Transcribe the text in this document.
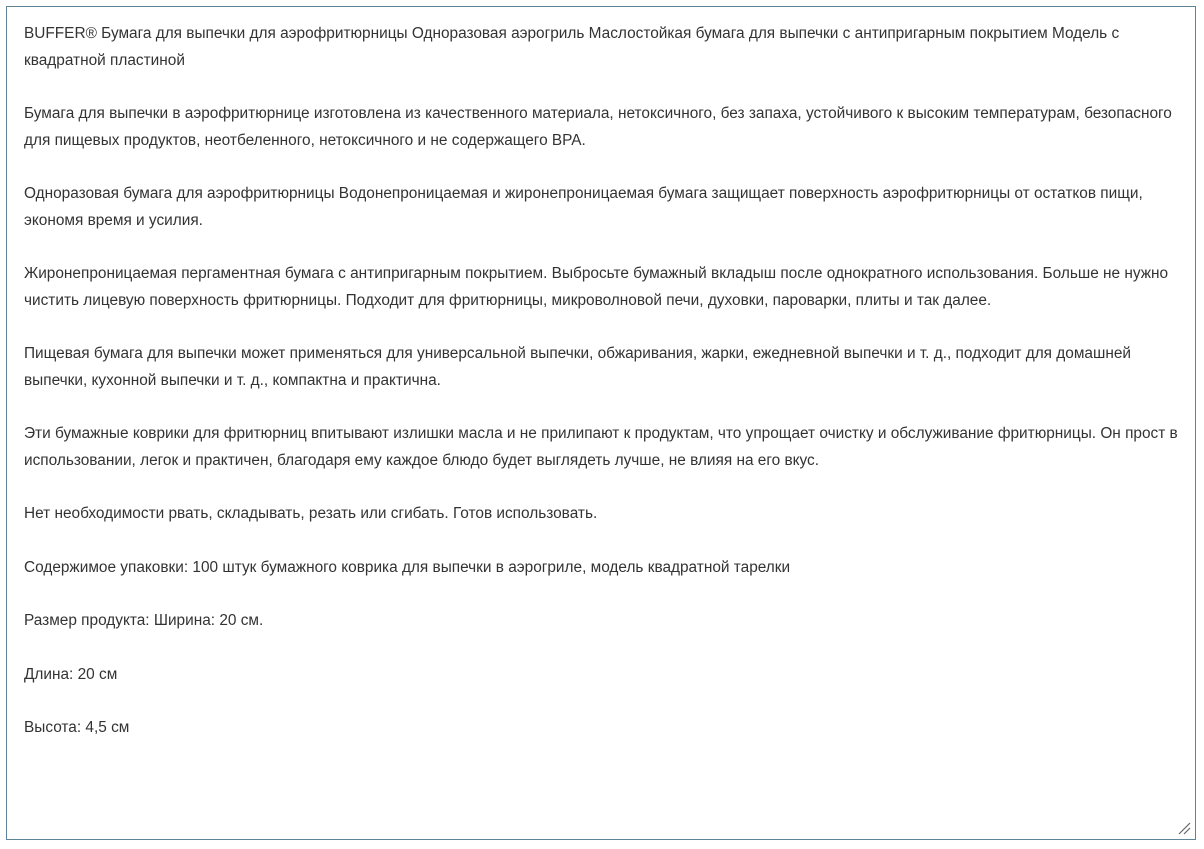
BUFFER® Бумага для выпечки для аэрофритюрницы Одноразовая аэрогриль Маслостойкая бумага для выпечки с антипригарным покрытием Модель с квадратной пластиной

Бумага для выпечки в аэрофритюрнице изготовлена из качественного материала, нетоксичного, без запаха, устойчивого к высоким температурам, безопасного для пищевых продуктов, неотбеленного, нетоксичного и не содержащего BPA.

Одноразовая бумага для аэрофритюрницы Водонепроницаемая и жиронепроницаемая бумага защищает поверхность аэрофритюрницы от остатков пищи, экономя время и усилия.

Жиронепроницаемая пергаментная бумага с антипригарным покрытием. Выбросьте бумажный вкладыш после однократного использования. Больше не нужно чистить лицевую поверхность фритюрницы. Подходит для фритюрницы, микроволновой печи, духовки, пароварки, плиты и так далее.

Пищевая бумага для выпечки может применяться для универсальной выпечки, обжаривания, жарки, ежедневной выпечки и т. д., подходит для домашней выпечки, кухонной выпечки и т. д., компактна и практична.

Эти бумажные коврики для фритюрниц впитывают излишки масла и не прилипают к продуктам, что упрощает очистку и обслуживание фритюрницы. Он прост в использовании, легок и практичен, благодаря ему каждое блюдо будет выглядеть лучше, не влияя на его вкус.

Нет необходимости рвать, складывать, резать или сгибать. Готов использовать.

Содержимое упаковки: 100 штук бумажного коврика для выпечки в аэрогриле, модель квадратной тарелки

Размер продукта: Ширина: 20 см.

Длина: 20 см

Высота: 4,5 см
